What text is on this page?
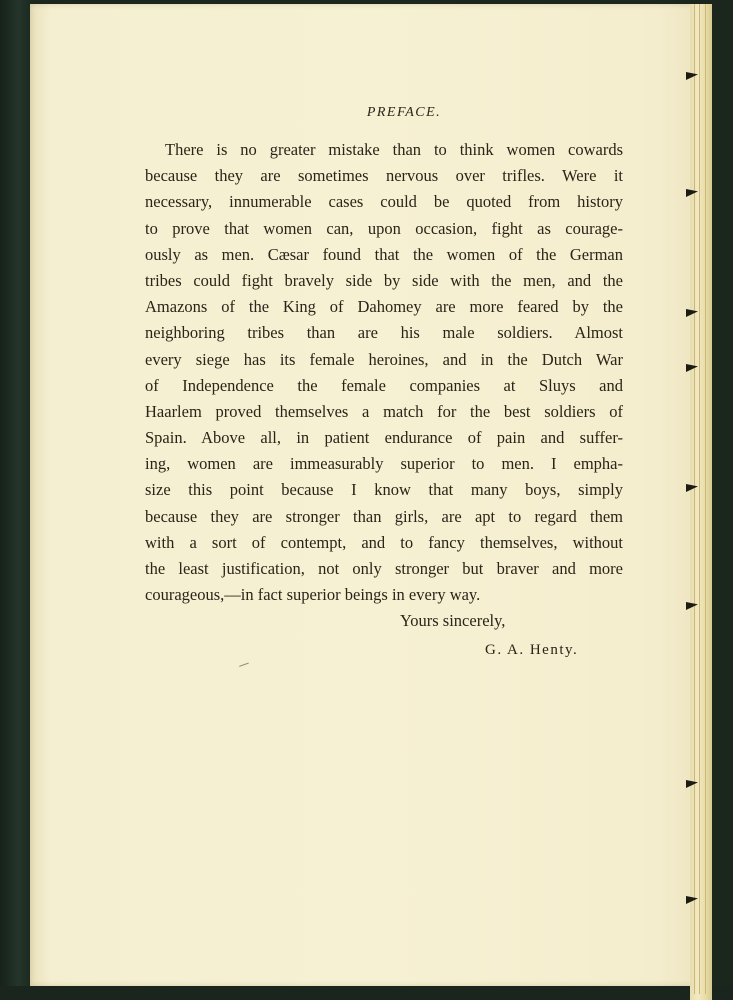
PREFACE.
There is no greater mistake than to think women cowards
because they are sometimes nervous over trifles. Were it
necessary, innumerable cases could be quoted from history
to prove that women can, upon occasion, fight as courage-
ously as men. Cæsar found that the women of the German
tribes could fight bravely side by side with the men, and the
Amazons of the King of Dahomey are more feared by the
neighboring tribes than are his male soldiers. Almost
every siege has its female heroines, and in the Dutch War
of Independence the female companies at Sluys and
Haarlem proved themselves a match for the best soldiers of
Spain. Above all, in patient endurance of pain and suffer-
ing, women are immeasurably superior to men. I empha-
size this point because I know that many boys, simply
because they are stronger than girls, are apt to regard them
with a sort of contempt, and to fancy themselves, without
the least justification, not only stronger but braver and more
courageous,—in fact superior beings in every way.
Yours sincerely,
G. A. Henty.
